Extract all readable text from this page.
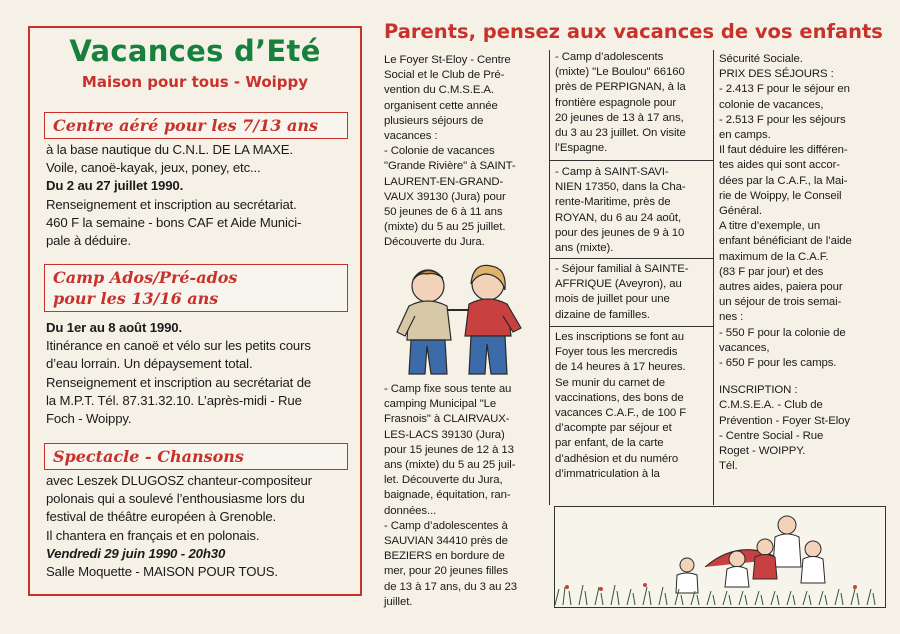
Vacances d’Eté
Maison pour tous - Woippy
Centre aéré pour les 7/13 ans
à la base nautique du C.N.L. DE LA MAXE.
Voile, canoë-kayak, jeux, poney, etc...
Du 2 au 27 juillet 1990.
Renseignement et inscription au secrétariat.
460 F la semaine - bons CAF et Aide Munici-
pale à déduire.
Camp Ados/Pré-ados
pour les 13/16 ans
Du 1er au 8 août 1990.
Itinérance en canoë et vélo sur les petits cours
d’eau lorrain. Un dépaysement total.
Renseignement et inscription au secrétariat de
la M.P.T. Tél. 87.31.32.10. L’après-midi - Rue
Foch - Woippy.
Spectacle - Chansons
avec Leszek DLUGOSZ chanteur-compositeur
polonais qui a soulevé l’enthousiasme lors du
festival de théâtre européen à Grenoble.
Il chantera en français et en polonais.
Vendredi 29 juin 1990 - 20h30
Salle Moquette - MAISON POUR TOUS.
Parents, pensez aux vacances de vos enfants
Le Foyer St-Eloy - Centre
Social et le Club de Pré-
vention du C.M.S.E.A.
organisent cette année
plusieurs séjours de
vacances :
- Colonie de vacances
"Grande Rivière" à SAINT-
LAURENT-EN-GRAND-
VAUX 39130 (Jura) pour
50 jeunes de 6 à 11 ans
(mixte) du 5 au 25 juillet.
Découverte du Jura.
- Camp fixe sous tente au
camping Municipal "Le
Frasnois" à CLAIRVAUX-
LES-LACS 39130 (Jura)
pour 15 jeunes de 12 à 13
ans (mixte) du 5 au 25 juil-
let. Découverte du Jura,
baignade, équitation, ran-
données...
- Camp d’adolescentes à
SAUVIAN 34410 près de
BEZIERS en bordure de
mer, pour 20 jeunes filles
de 13 à 17 ans, du 3 au 23
juillet.
- Camp d’adolescents
(mixte) "Le Boulou" 66160
près de PERPIGNAN, à la
frontière espagnole pour
20 jeunes de 13 à 17 ans,
du 3 au 23 juillet. On visite
l’Espagne.
- Camp à SAINT-SAVI-
NIEN 17350, dans la Cha-
rente-Maritime, près de
ROYAN, du 6 au 24 août,
pour des jeunes de 9 à 10
ans (mixte).
- Séjour familial à SAINTE-
AFFRIQUE (Aveyron), au
mois de juillet pour une
dizaine de familles.
Les inscriptions se font au
Foyer tous les mercredis
de 14 heures à 17 heures.
Se munir du carnet de
vaccinations, des bons de
vacances C.A.F., de 100 F
d’acompte par séjour et
par enfant, de la carte
d’adhésion et du numéro
d’immatriculation à la
Sécurité Sociale.
PRIX DES SÉJOURS :
- 2.413 F pour le séjour en
colonie de vacances,
- 2.513 F pour les séjours
en camps.
Il faut déduire les différen-
tes aides qui sont accor-
dées par la C.A.F., la Mai-
rie de Woippy, le Conseil
Général.
A titre d’exemple, un
enfant bénéficiant de l’aide
maximum de la C.A.F.
(83 F par jour) et des
autres aides, paiera pour
un séjour de trois semai-
nes :
- 550 F pour la colonie de
vacances,
- 650 F pour les camps.
INSCRIPTION :
C.M.S.E.A. - Club de
Prévention - Foyer St-Eloy
- Centre Social - Rue
Roget - WOIPPY.
Tél.
